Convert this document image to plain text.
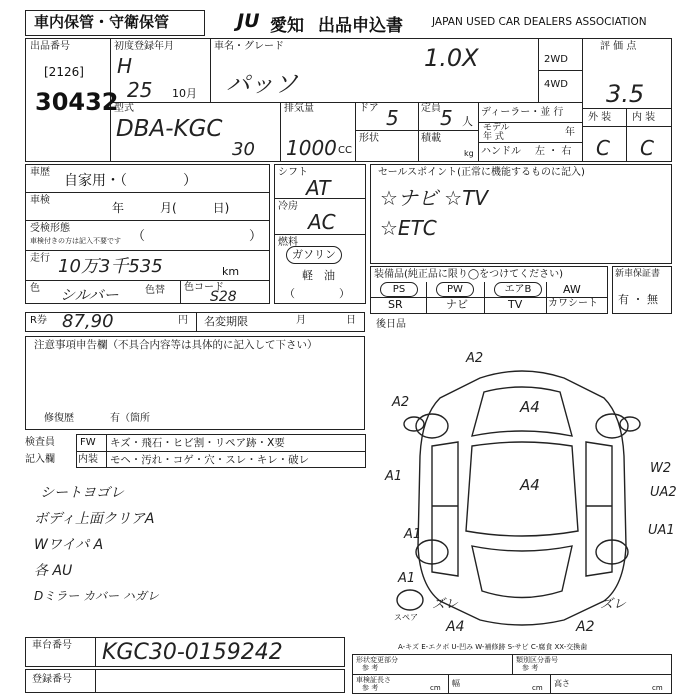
車内保管・守衛保管	JU 愛知 出品申込書	JAPAN USED CAR DEALERS ASSOCIATION
出品番号
[2126]
30432
初度登録年月
H
25 10月
車名・グレード	1.0X
パッソ
2WD
4WD
評 価 点
3.5
外 装 内 装
C C
型式
DBA-KGC
30
排気量
1000 CC
ドア 5 定員 5 人
形状	積載
kg
ディーラー・並 行
モデル
年 式	年
ハンドル 左 ・ 右
車歴
自家用・（　　　　）
車検
年　　　月(　　　日)
受検形態
車検付きの方は記入不要です （　　　　　　　　）
走行 10万3千535	km
色 シルバー	色替 色コード
S28
シフト
AT
冷房
AC
燃料
ガソリン
軽　油
（　　　　）
セールスポイント(正常に機能するものに記入)
☆ナビ ☆TV
☆ETC
装備品(純正品に限り◯をつけてください)
PS	PW	エアB	AW
SR	ナビ	TV	カワシート
新車保証書
有 ・ 無
R券 87,90	円 名変期限	月	日 後日品
注意事項申告欄（不具合内容等は具体的に記入して下さい）
修復歴	有（箇所
検査員
記入欄
FW キズ・飛石・ヒビ割・リペア跡・X要
内装 モヘ・汚れ・コゲ・穴・スレ・キレ・破レ
シートヨゴレ
ボディ上面クリアA
Wワイパ A
各 AU
Dミラー カバー ハガレ
車台番号 KGC30-0159242
登録番号
A2
A2	A4
A1	A4
W2
UA2
UA1
A1
A1
ズレ	ズレ
A4	A2
スペア
A-キズ E-エクボ U-凹み W-補修跡 S-サビ C-腐食 XX-交換歯
形状変更部分
参 考
類別区分番号
参 考
車検証長さ
参 考	cm 幅	cm 高さ	cm
